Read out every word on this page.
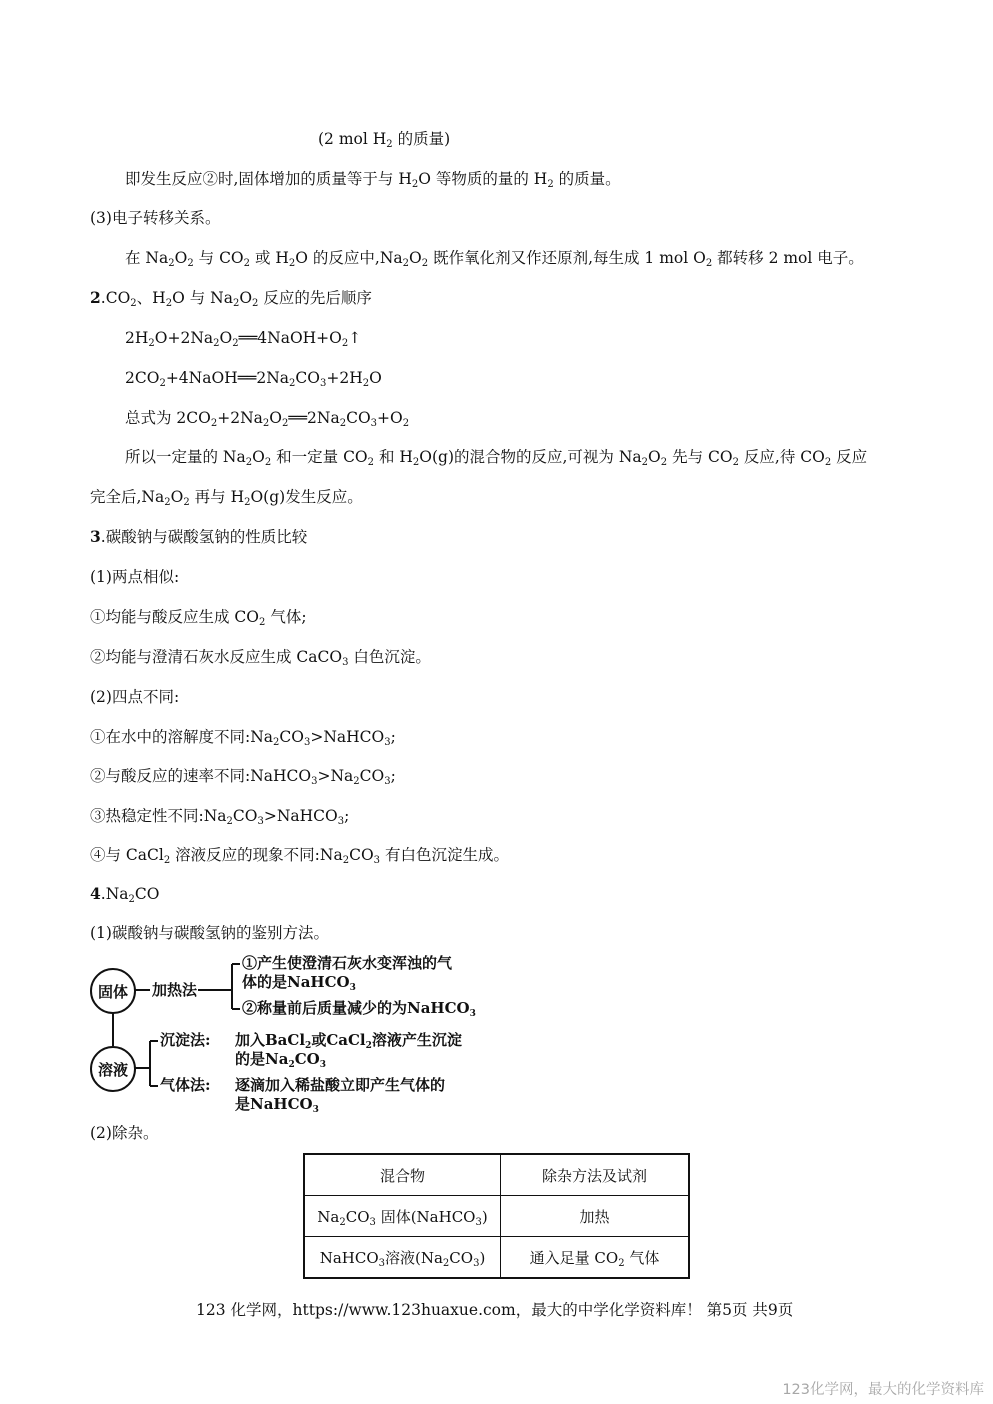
(2 mol $H_2$ 的质量)
即发生反应②时,固体增加的质量等于与 $H_2O$ 等物质的量的 $H_2$ 的质量。
(3)电子转移关系。
在 $Na_2O_2$ 与 $CO_2$ 或 $H_2O$ 的反应中$,Na_2O_2$ 既作氧化剂又作还原剂,每生成 1 mol $O_2$ 都转移 2 mol 电子。
$2.CO_2$、$H_2O$ 与 $Na_2O_2$ 反应的先后顺序
$2H_2O+2Na_2O_2══4NaOH+O_2↑$
$2CO_2+4NaOH══2Na_2CO_3+2H_2O$
总式为 $2CO_2+2Na_2O_2══2Na_2CO_3+O_2$
所以一定量的 $Na_2O_2$ 和一定量 $CO_2$ 和 $H_2O(g)$的混合物的反应,可视为 $Na_2O_2$ 先与 $CO_2$ 反应,待 $CO_2$ 反应
完全后$,Na_2O_2$ 再与 $H_2O(g)$发生反应。
3.碳酸钠与碳酸氢钠的性质比较
(1)两点相似:
①均能与酸反应生成 $CO_2$ 气体;
②均能与澄清石灰水反应生成 CaCO$_3$ 白色沉淀。
(2)四点不同:
①在水中的溶解度不同$:Na_2CO_3>NaHCO_3$;
②与酸反应的速率不同$:NaHCO_3>Na_2CO_3$;
③热稳定性不同$:Na_2CO_3>NaHCO_3$;
④与 CaCl$_2$ 溶液反应的现象不同$:Na_2CO_3$ 有白色沉淀生成。
$4.Na_2CO$
(1)碳酸钠与碳酸氢钠的鉴别方法。
固体	加热法
①产生使澄清石灰水变浑浊的气
体的是NaHCO$_3$
②称量前后质量减少的为NaHCO$_3$
溶液
沉淀法: 加入BaCl$_2$或CaCl$_2$溶液产生沉淀
的是$Na_2CO_3$
气体法: 逐滴加入稀盐酸立即产生气体的
是NaHCO$_3$
(2)除杂。
混合物	除杂方法及试剂
$Na_2CO_3$ 固体(NaHCO$_3$)	加热
NaHCO$_3$溶液$(Na_2CO_3)$	通入足量 $CO_2$ 气体
123 化学网，https://www.123huaxue.com，最大的中学化学资料库！ 第5页 共9页
123化学网，最大的化学资料库
